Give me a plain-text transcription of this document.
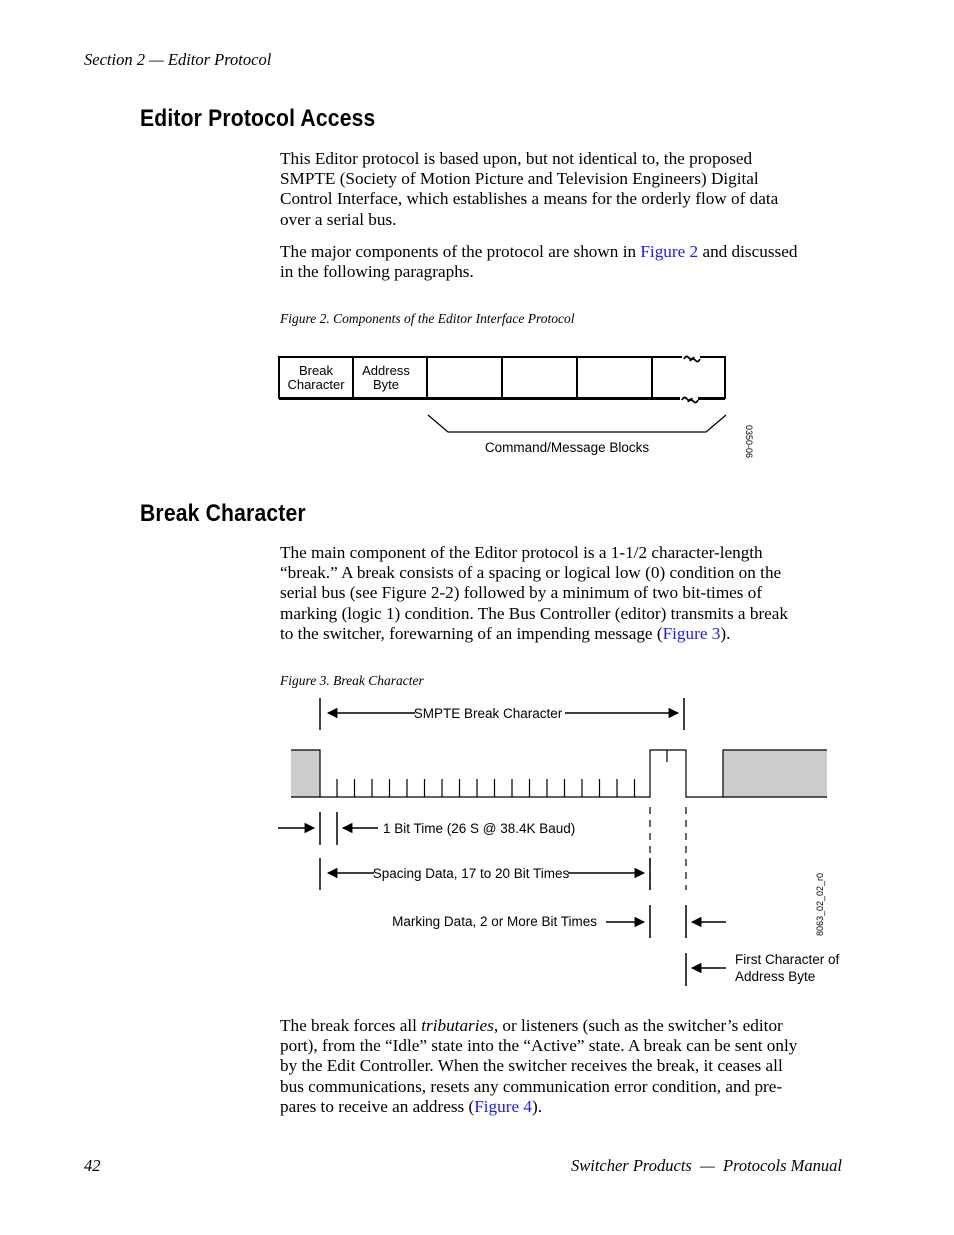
Section 2 — Editor Protocol
Editor Protocol Access
This Editor protocol is based upon, but not identical to, the proposed
SMPTE (Society of Motion Picture and Television Engineers) Digital
Control Interface, which establishes a means for the orderly flow of data
over a serial bus.
The major components of the protocol are shown in Figure 2 and discussed
in the following paragraphs.
Figure 2. Components of the Editor Interface Protocol
Break
Character
Address
Byte
Command/Message Blocks	0350-06
Break Character
The main component of the Editor protocol is a 1-1/2 character-length
“break.” A break consists of a spacing or logical low (0) condition on the
serial bus (see Figure 2-2) followed by a minimum of two bit-times of
marking (logic 1) condition. The Bus Controller (editor) transmits a break
to the switcher, forewarning of an impending message (Figure 3).
Figure 3. Break Character
SMPTE Break Character
1 Bit Time (26 S @ 38.4K Baud)
Spacing Data, 17 to 20 Bit Times
Marking Data, 2 or More Bit Times
First Character of
Address Byte
8063_02_02_r0
The break forces all tributaries, or listeners (such as the switcher’s editor
port), from the “Idle” state into the “Active” state. A break can be sent only
by the Edit Controller. When the switcher receives the break, it ceases all
bus communications, resets any communication error condition, and pre-
pares to receive an address (Figure 4).
42	Switcher Products  —  Protocols Manual
